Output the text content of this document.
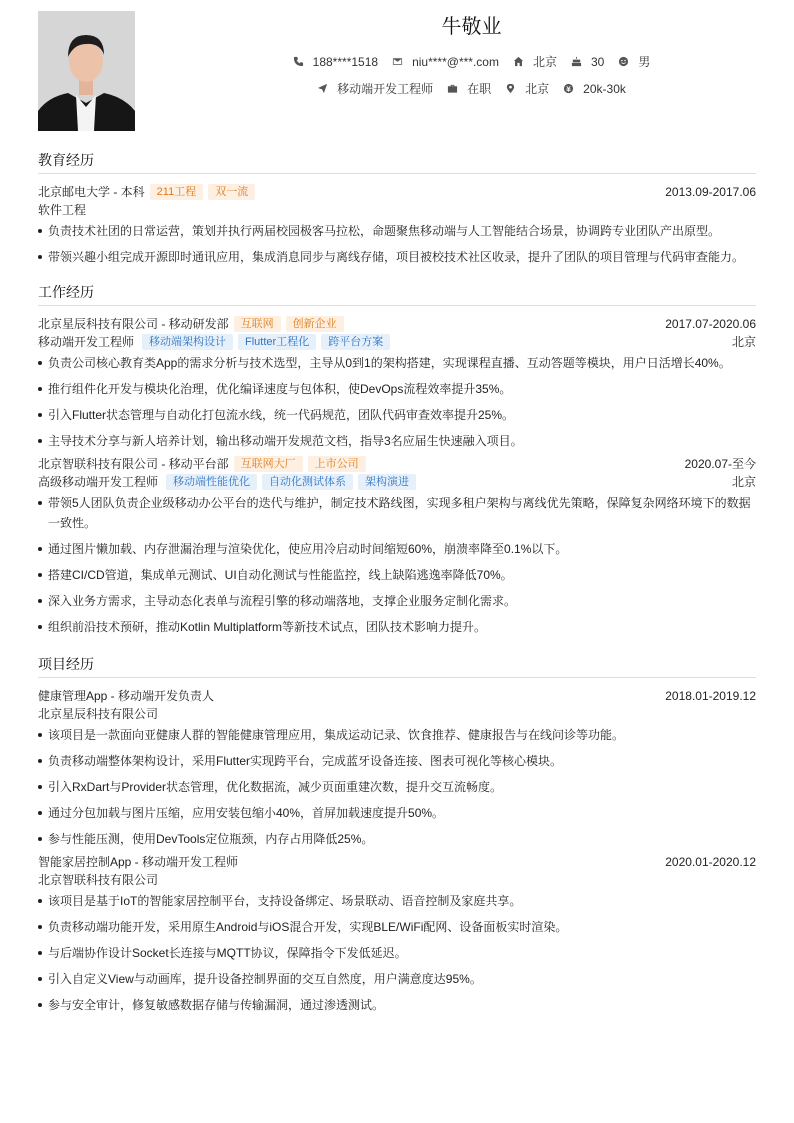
牛敬业
188****1518	niu****@***.com	北京	30	男
移动端开发工程师	在职	北京	20k-30k
教育经历
北京邮电大学 - 本科	211工程	双一流	2013.09-2017.06
软件工程
负责技术社团的日常运营，策划并执行两届校园极客马拉松，命题聚焦移动端与人工智能结合场景，协调跨专业团队产出原型。
带领兴趣小组完成开源即时通讯应用，集成消息同步与离线存储，项目被校技术社区收录，提升了团队的项目管理与代码审查能力。
工作经历
北京星辰科技有限公司 - 移动研发部	互联网	创新企业	2017.07-2020.06
移动端开发工程师	移动端架构设计	Flutter工程化	跨平台方案	北京
负责公司核心教育类App的需求分析与技术选型，主导从0到1的架构搭建，实现课程直播、互动答题等模块，用户日活增长40%。
推行组件化开发与模块化治理，优化编译速度与包体积，使DevOps流程效率提升35%。
引入Flutter状态管理与自动化打包流水线，统一代码规范，团队代码审查效率提升25%。
主导技术分享与新人培养计划，输出移动端开发规范文档，指导3名应届生快速融入项目。
北京智联科技有限公司 - 移动平台部	互联网大厂	上市公司	2020.07-至今
高级移动端开发工程师	移动端性能优化	自动化测试体系	架构演进	北京
带领5人团队负责企业级移动办公平台的迭代与维护，制定技术路线图，实现多租户架构与离线优先策略，保障复杂网络环境下的数据一致性。
通过图片懒加载、内存泄漏治理与渲染优化，使应用冷启动时间缩短60%，崩溃率降至0.1%以下。
搭建CI/CD管道，集成单元测试、UI自动化测试与性能监控，线上缺陷逃逸率降低70%。
深入业务方需求，主导动态化表单与流程引擎的移动端落地，支撑企业服务定制化需求。
组织前沿技术预研，推动Kotlin Multiplatform等新技术试点，团队技术影响力提升。
项目经历
健康管理App - 移动端开发负责人	2018.01-2019.12
北京星辰科技有限公司
该项目是一款面向亚健康人群的智能健康管理应用，集成运动记录、饮食推荐、健康报告与在线问诊等功能。
负责移动端整体架构设计，采用Flutter实现跨平台，完成蓝牙设备连接、图表可视化等核心模块。
引入RxDart与Provider状态管理，优化数据流，减少页面重建次数，提升交互流畅度。
通过分包加载与图片压缩，应用安装包缩小40%，首屏加载速度提升50%。
参与性能压测，使用DevTools定位瓶颈，内存占用降低25%。
智能家居控制App - 移动端开发工程师	2020.01-2020.12
北京智联科技有限公司
该项目是基于IoT的智能家居控制平台，支持设备绑定、场景联动、语音控制及家庭共享。
负责移动端功能开发，采用原生Android与iOS混合开发，实现BLE/WiFi配网、设备面板实时渲染。
与后端协作设计Socket长连接与MQTT协议，保障指令下发低延迟。
引入自定义View与动画库，提升设备控制界面的交互自然度，用户满意度达95%。
参与安全审计，修复敏感数据存储与传输漏洞，通过渗透测试。
